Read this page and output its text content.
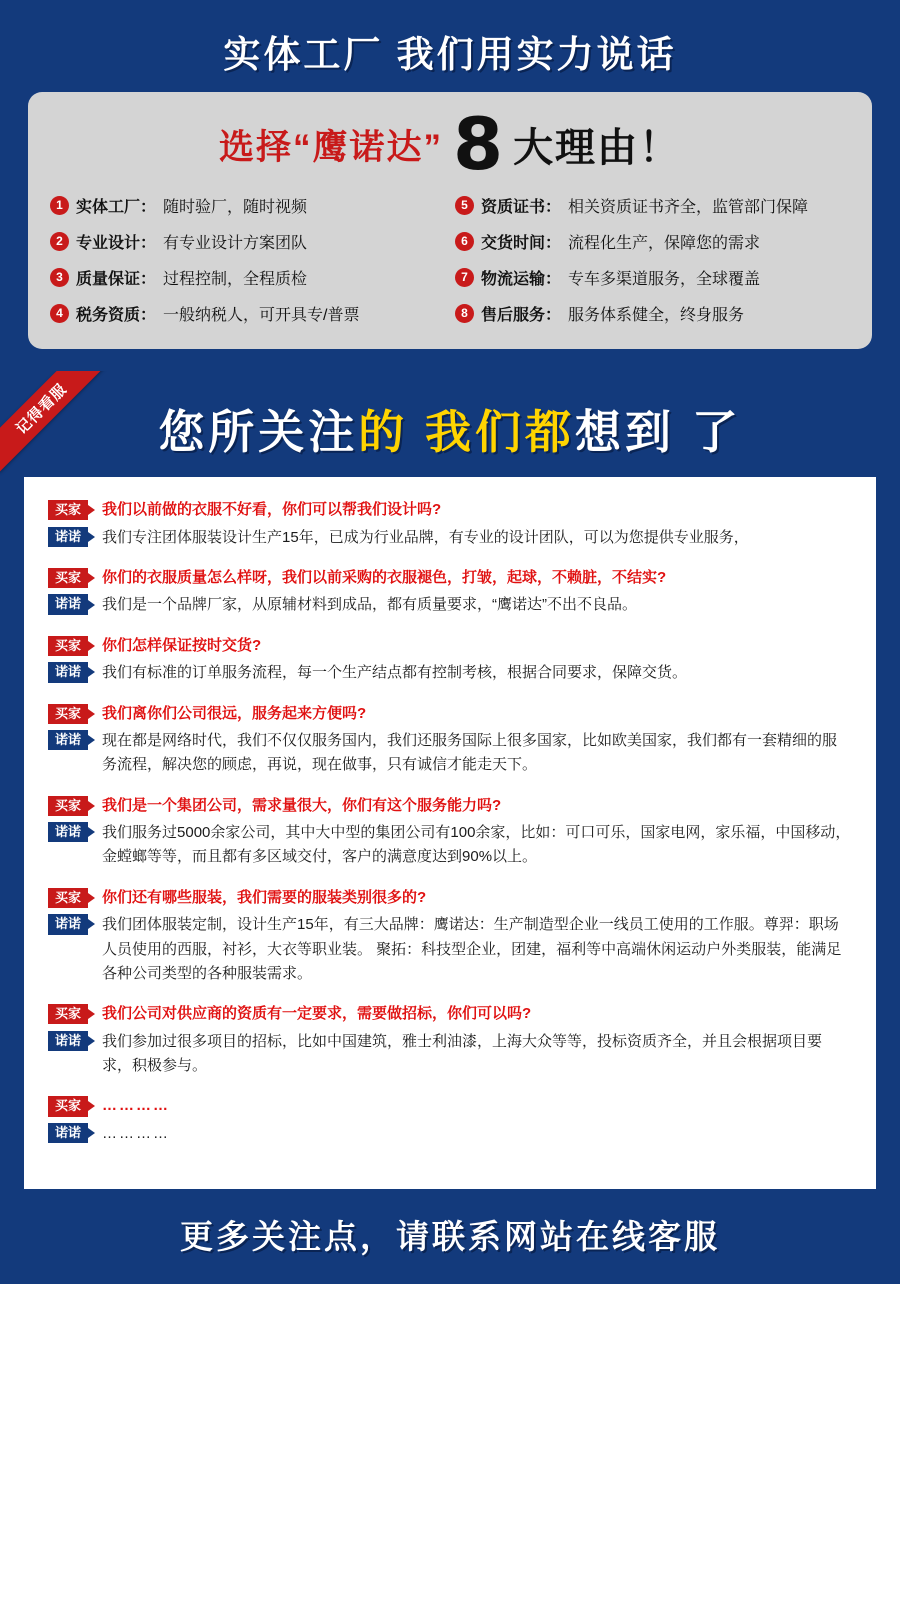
实体工厂 我们用实力说话
选择“鹰诺达” 8 大理由！
1 实体工厂： 随时验厂，随时视频	5 资质证书： 相关资质证书齐全，监管部门保障
2 专业设计： 有专业设计方案团队	6 交货时间： 流程化生产，保障您的需求
3 质量保证： 过程控制，全程质检	7 物流运输： 专车多渠道服务，全球覆盖
4 税务资质： 一般纳税人，可开具专/普票	8 售后服务： 服务体系健全，终身服务
记得看服	您所关注的 我们都想到 了
买家	我们以前做的衣服不好看，你们可以帮我们设计吗?
诺诺	我们专注团体服装设计生产15年，已成为行业品牌，有专业的设计团队，可以为您提供专业服务，
买家	你们的衣服质量怎么样呀，我们以前采购的衣服褪色，打皱，起球，不赖脏，不结实?
诺诺	我们是一个品牌厂家，从原辅材料到成品，都有质量要求，“鹰诺达”不出不良品。
买家	你们怎样保证按时交货?
诺诺	我们有标准的订单服务流程，每一个生产结点都有控制考核，根据合同要求，保障交货。
买家	我们离你们公司很远，服务起来方便吗?
诺诺	现在都是网络时代，我们不仅仅服务国内，我们还服务国际上很多国家，比如欧美国家，我们都有一套精细的服务流程，解决您的顾虑，再说，现在做事，只有诚信才能走天下。
买家	我们是一个集团公司，需求量很大，你们有这个服务能力吗?
诺诺	我们服务过5000余家公司，其中大中型的集团公司有100余家，比如：可口可乐，国家电网，家乐福，中国移动，金螳螂等等，而且都有多区域交付，客户的满意度达到90%以上。
买家	你们还有哪些服装，我们需要的服装类别很多的?
诺诺	我们团体服装定制，设计生产15年，有三大品牌：鹰诺达：生产制造型企业一线员工使用的工作服。尊羿：职场人员使用的西服，衬衫，大衣等职业装。 聚拓：科技型企业，团建，福利等中高端休闲运动户外类服装，能满足各种公司类型的各种服装需求。
买家	我们公司对供应商的资质有一定要求，需要做招标，你们可以吗?
诺诺	我们参加过很多项目的招标，比如中国建筑，雅士利油漆，上海大众等等，投标资质齐全，并且会根据项目要求，积极参与。
买家	…………
诺诺	…………
更多关注点，请联系网站在线客服
